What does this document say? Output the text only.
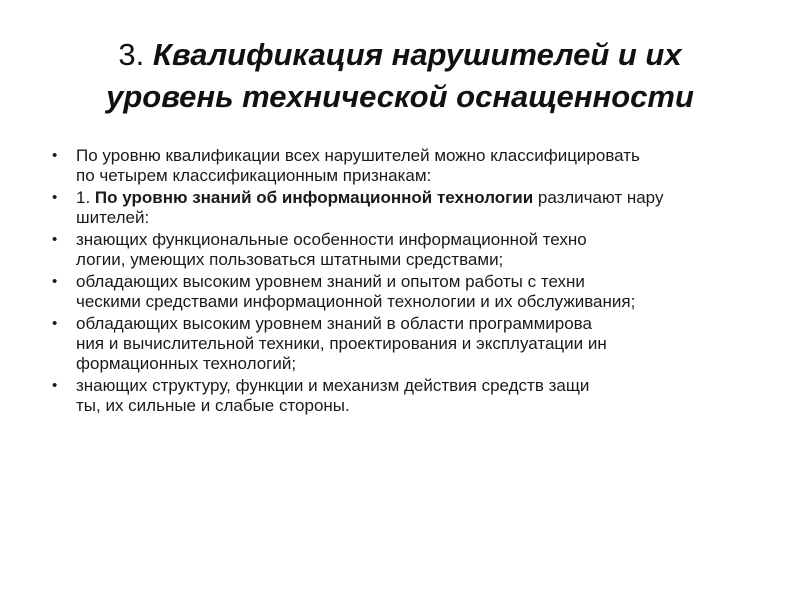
3. Квалификация нарушителей и их
уровень технической оснащенности
•	По уровню квалификации всех нарушителей можно классифицировать
по четырем классификационным признакам:
•	1. По уровню знаний об информационной технологии различают нару
шителей:
•	знающих функциональные особенности информационной техно
логии, умеющих пользоваться штатными средствами;
•	обладающих высоким уровнем знаний и опытом работы с техни
ческими средствами информационной технологии и их обслуживания;
•	обладающих высоким уровнем знаний в области программирова
ния и вычислительной техники, проектирования и эксплуатации ин
формационных технологий;
•	знающих структуру, функции и механизм действия средств защи
ты, их сильные и слабые стороны.
